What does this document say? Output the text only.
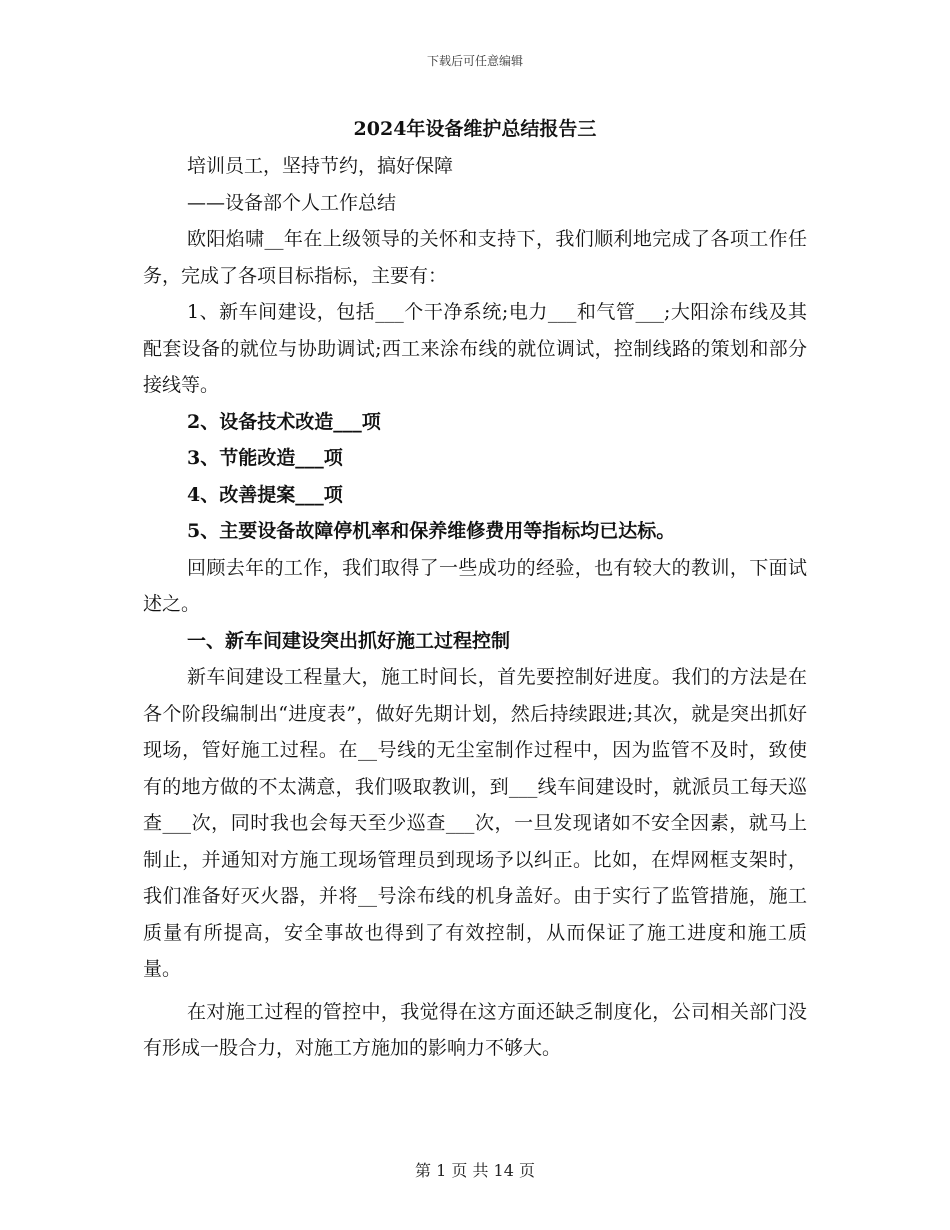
下载后可任意编辑
2024年设备维护总结报告三
培训员工，坚持节约，搞好保障
——设备部个人工作总结

欧阳焰啸__年在上级领导的关怀和支持下，我们顺利地完成了各项工作任务，完成了各项目标指标，主要有：

1、新车间建设，包括___个干净系统;电力___和气管___;大阳涂布线及其配套设备的就位与协助调试;西工来涂布线的就位调试，控制线路的策划和部分接线等。

2、设备技术改造___项
3、节能改造___项
4、改善提案___项
5、主要设备故障停机率和保养维修费用等指标均已达标。

回顾去年的工作，我们取得了一些成功的经验，也有较大的教训，下面试述之。

一、新车间建设突出抓好施工过程控制

新车间建设工程量大，施工时间长，首先要控制好进度。我们的方法是在各个阶段编制出“进度表”，做好先期计划，然后持续跟进;其次，就是突出抓好现场，管好施工过程。在__号线的无尘室制作过程中，因为监管不及时，致使有的地方做的不太满意，我们吸取教训，到___线车间建设时，就派员工每天巡查___次，同时我也会每天至少巡查___次，一旦发现诸如不安全因素，就马上制止，并通知对方施工现场管理员到现场予以纠正。比如，在焊网框支架时，我们准备好灭火器，并将__号涂布线的机身盖好。由于实行了监管措施，施工质量有所提高，安全事故也得到了有效控制，从而保证了施工进度和施工质量。

在对施工过程的管控中，我觉得在这方面还缺乏制度化，公司相关部门没有形成一股合力，对施工方施加的影响力不够大。

第 1 页 共 14 页
